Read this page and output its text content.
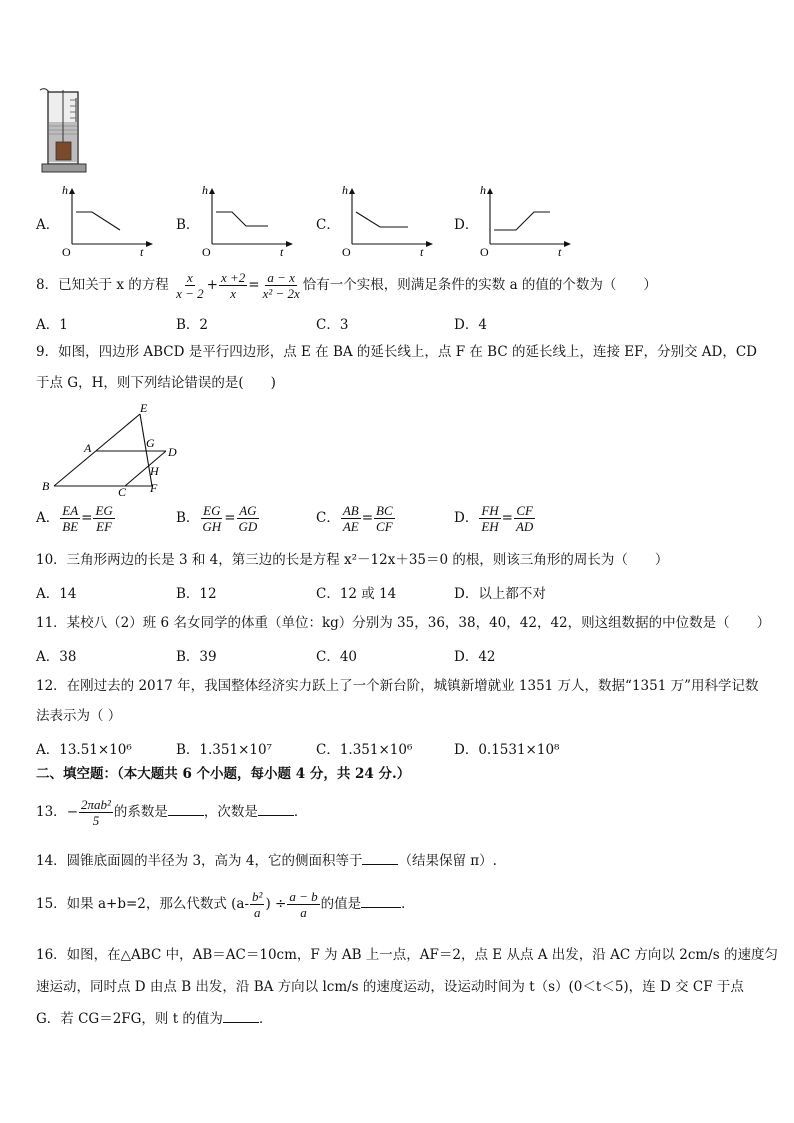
A．
h
O	t
B．
h
O	t
C．
h
O	t
D．
h
O	t
8．已知关于 x 的方程 $\frac{x}{x - 2} + \frac{x +2}{x} = \frac{a - x}{\text{x² − 2x}}$ 恰有一个实根，则满足条件的实数 a 的值的个数为（　　）
A．1	B．2	C．3	D．4
9．如图，四边形 ABCD 是平行四边形，点 E 在 BA 的延长线上，点 F 在 BC 的延长线上，连接 EF，分别交 AD，CD
于点 G，H，则下列结论错误的是(　　)
E
A	G
D
H
B	C F
A． $\frac{EA}{BE} = \frac{EG}{EF}$	B． $\frac{EG}{GH} = \frac{AG}{GD}$	C． $\frac{AB}{AE} = \frac{BC}{CF}$	D． $\frac{FH}{EH} = \frac{CF}{AD}$
10．三角形两边的长是 3 和 4，第三边的长是方程 x²－12x＋35＝0 的根，则该三角形的周长为（　　）
A．14	B．12	C．12 或 14	D．以上都不对
11．某校八（2）班 6 名女同学的体重（单位：kg）分别为 35，36，38，40，42，42，则这组数据的中位数是（　　）
A．38	B．39	C．40	D．42
12．在刚过去的 2017 年，我国整体经济实力跃上了一个新台阶，城镇新增就业 1351 万人，数据“1351 万”用科学记数
法表示为（ ）
A．13.51×10⁶	B．1.351×10⁷	C．1.351×10⁶	D．0.1531×10⁸
二、填空题：（本大题共 6 个小题，每小题 4 分，共 24 分.）
13．− $\frac{\text{2πab²}}{5}$ 的系数是	，次数是	．
14．圆锥底面圆的半径为 3，高为 4，它的侧面积等于	（结果保留 π）.
15．如果 a+b=2，那么代数式 ($a- \frac{\text{b²}}{a}$ ) ÷ $\frac{a - b}{a}$ 的值是	．
16．如图，在△ABC 中，AB＝AC＝10cm，F 为 AB 上一点，AF＝2，点 E 从点 A 出发，沿 AC 方向以 2cm/s 的速度匀
速运动，同时点 D 由点 B 出发，沿 BA 方向以 lcm/s 的速度运动，设运动时间为 t（s）(0＜t＜5)，连 D 交 CF 于点
G．若 CG＝2FG，则 t 的值为	．
